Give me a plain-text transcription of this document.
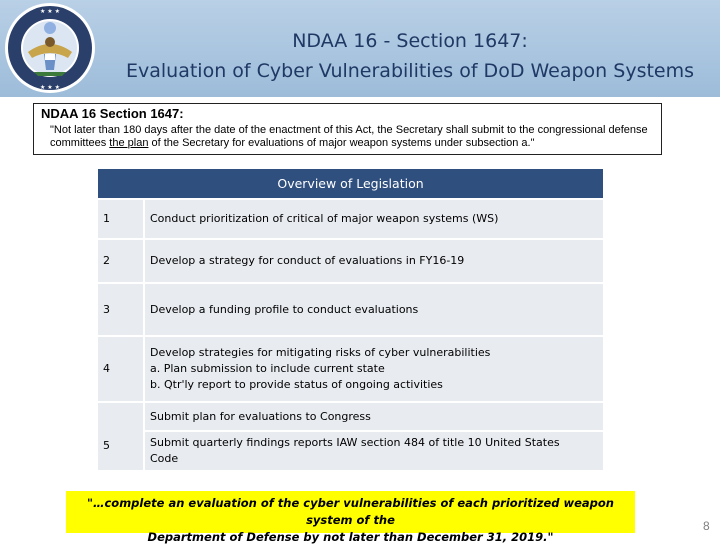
★ ★ ★
★ ★ ★
NDAA 16 - Section 1647:
Evaluation of Cyber Vulnerabilities of DoD Weapon Systems
NDAA 16 Section 1647:
"Not later than 180 days after the date of the enactment of this Act, the Secretary shall submit to the congressional defense committees the plan of the Secretary for evaluations of major weapon systems under subsection a."
Overview of Legislation	
1	Conduct prioritization of critical of major weapon systems (WS)

2	Develop a strategy for conduct of evaluations in FY16-19

3	Develop a funding profile to conduct evaluations

4	Develop strategies for mitigating risks of cyber vulnerabilities
a. Plan submission to include current state
b. Qtr'ly report to provide status of ongoing activities

5	Submit plan for evaluations to Congress

	Submit quarterly findings reports IAW section 484 of title 10 United States
Code
"…complete an evaluation of the cyber vulnerabilities of each prioritized weapon system of the
Department of Defense by not later than December 31, 2019."
8
